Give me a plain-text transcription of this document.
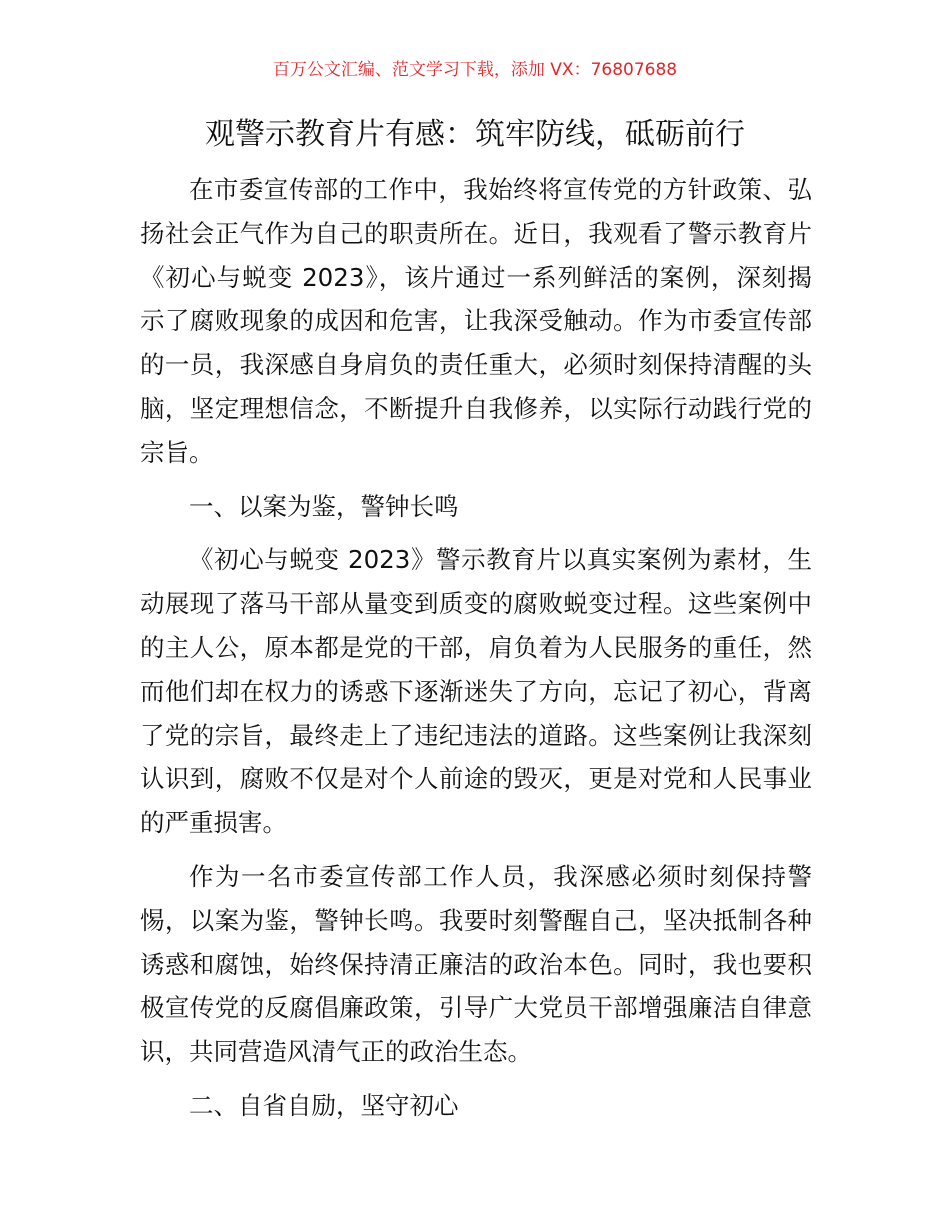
百万公文汇编、范文学习下载，添加 VX：76807688
观警示教育片有感：筑牢防线，砥砺前行
在市委宣传部的工作中，我始终将宣传党的方针政策、弘
扬社会正气作为自己的职责所在。近日，我观看了警示教育片
《初心与蜕变 2023》，该片通过一系列鲜活的案例，深刻揭
示了腐败现象的成因和危害，让我深受触动。作为市委宣传部
的一员，我深感自身肩负的责任重大，必须时刻保持清醒的头
脑，坚定理想信念，不断提升自我修养，以实际行动践行党的
宗旨。
一、以案为鉴，警钟长鸣
《初心与蜕变 2023》警示教育片以真实案例为素材，生
动展现了落马干部从量变到质变的腐败蜕变过程。这些案例中
的主人公，原本都是党的干部，肩负着为人民服务的重任，然
而他们却在权力的诱惑下逐渐迷失了方向，忘记了初心，背离
了党的宗旨，最终走上了违纪违法的道路。这些案例让我深刻
认识到，腐败不仅是对个人前途的毁灭，更是对党和人民事业
的严重损害。
作为一名市委宣传部工作人员，我深感必须时刻保持警
惕，以案为鉴，警钟长鸣。我要时刻警醒自己，坚决抵制各种
诱惑和腐蚀，始终保持清正廉洁的政治本色。同时，我也要积
极宣传党的反腐倡廉政策，引导广大党员干部增强廉洁自律意
识，共同营造风清气正的政治生态。
二、自省自励，坚守初心
